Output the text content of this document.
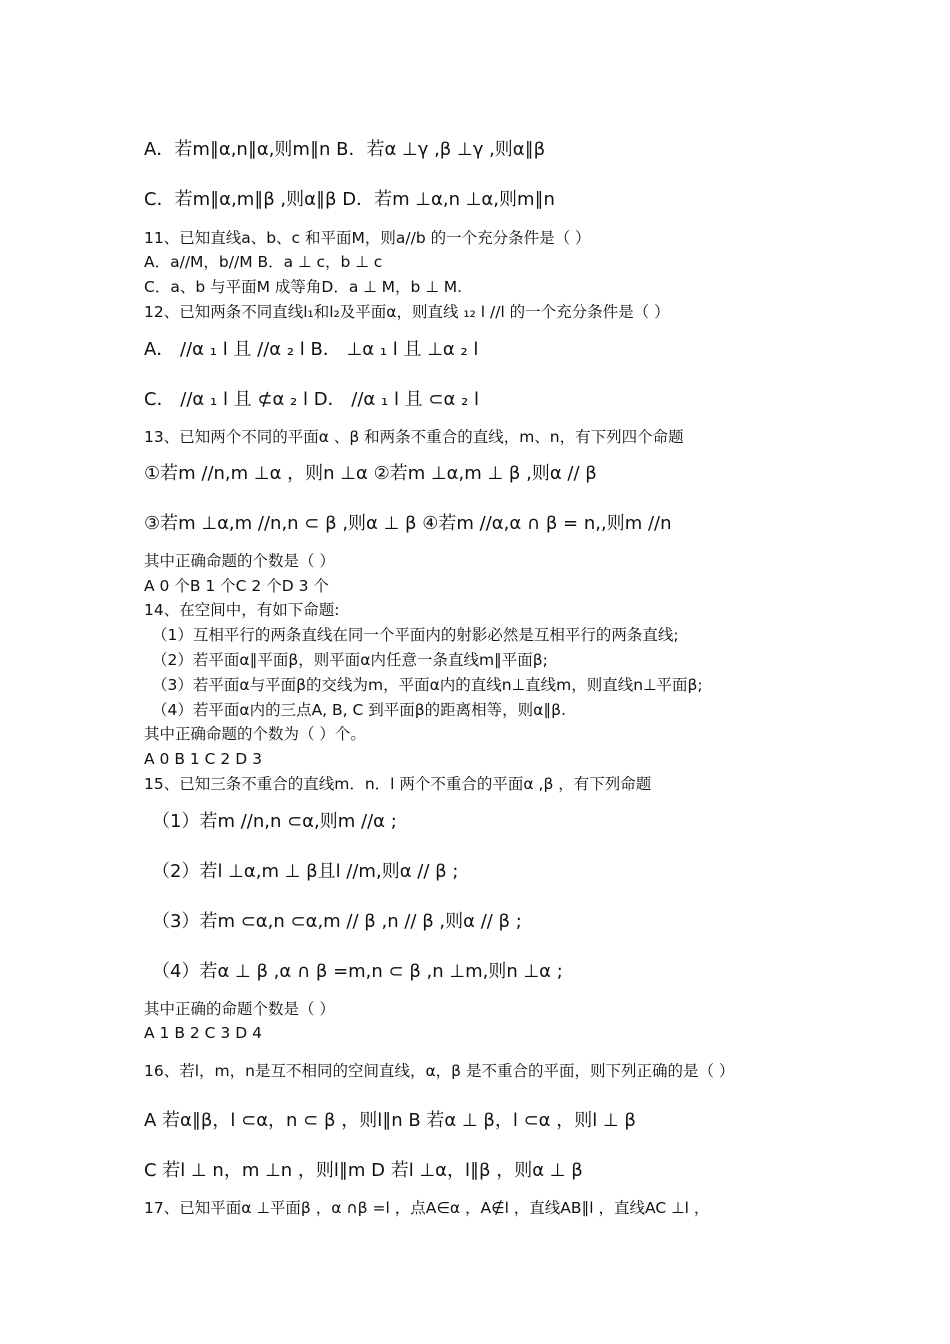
A．若m∥α,n∥α,则m∥n B．若α ⊥γ ,β ⊥γ ,则α∥β
C．若m∥α,m∥β ,则α∥β D．若m ⊥α,n ⊥α,则m∥n
11、已知直线a、b、c 和平面M，则a//b 的一个充分条件是（ ）
A．a//M，b//M B．a ⊥ c，b ⊥ c
C．a、b 与平面M 成等角D．a ⊥ M，b ⊥ M.
12、已知两条不同直线l₁和l₂及平面α，则直线 ₁₂ l //l 的一个充分条件是（ ）
A． //α ₁ l 且 //α ₂ l B． ⊥α ₁ l 且 ⊥α ₂ l
C． //α ₁ l 且 ⊄α ₂ l D． //α ₁ l 且 ⊂α ₂ l
13、已知两个不同的平面α 、β 和两条不重合的直线，m、n，有下列四个命题
①若m //n,m ⊥α ，则n ⊥α ②若m ⊥α,m ⊥ β ,则α // β
③若m ⊥α,m //n,n ⊂ β ,则α ⊥ β ④若m //α,α ∩ β = n,,则m //n
其中正确命题的个数是（ ）
A 0 个B 1 个C 2 个D 3 个
14、在空间中，有如下命题:
（1）互相平行的两条直线在同一个平面内的射影必然是互相平行的两条直线;
（2）若平面α∥平面β，则平面α内任意一条直线m∥平面β;
（3）若平面α与平面β的交线为m，平面α内的直线n⊥直线m，则直线n⊥平面β;
（4）若平面α内的三点A, B, C 到平面β的距离相等，则α∥β.
其中正确命题的个数为（ ）个。
A 0 B 1 C 2 D 3
15、已知三条不重合的直线m．n．l 两个不重合的平面α ,β ，有下列命题
（1）若m //n,n ⊂α,则m //α ;
（2）若l ⊥α,m ⊥ β且l //m,则α // β ;
（3）若m ⊂α,n ⊂α,m // β ,n // β ,则α // β ;
（4）若α ⊥ β ,α ∩ β =m,n ⊂ β ,n ⊥m,则n ⊥α ;
其中正确的命题个数是（ ）
A 1 B 2 C 3 D 4
16、若l，m，n是互不相同的空间直线，α，β 是不重合的平面，则下列正确的是（ ）
A 若α∥β，l ⊂α，n ⊂ β ，则l∥n B 若α ⊥ β，l ⊂α ，则l ⊥ β
C 若l ⊥ n，m ⊥n ，则l∥m D 若l ⊥α，l∥β ，则α ⊥ β
17、已知平面α ⊥平面β ，α ∩β =l ，点A∈α ，A∉l ，直线AB∥l ，直线AC ⊥l ，
